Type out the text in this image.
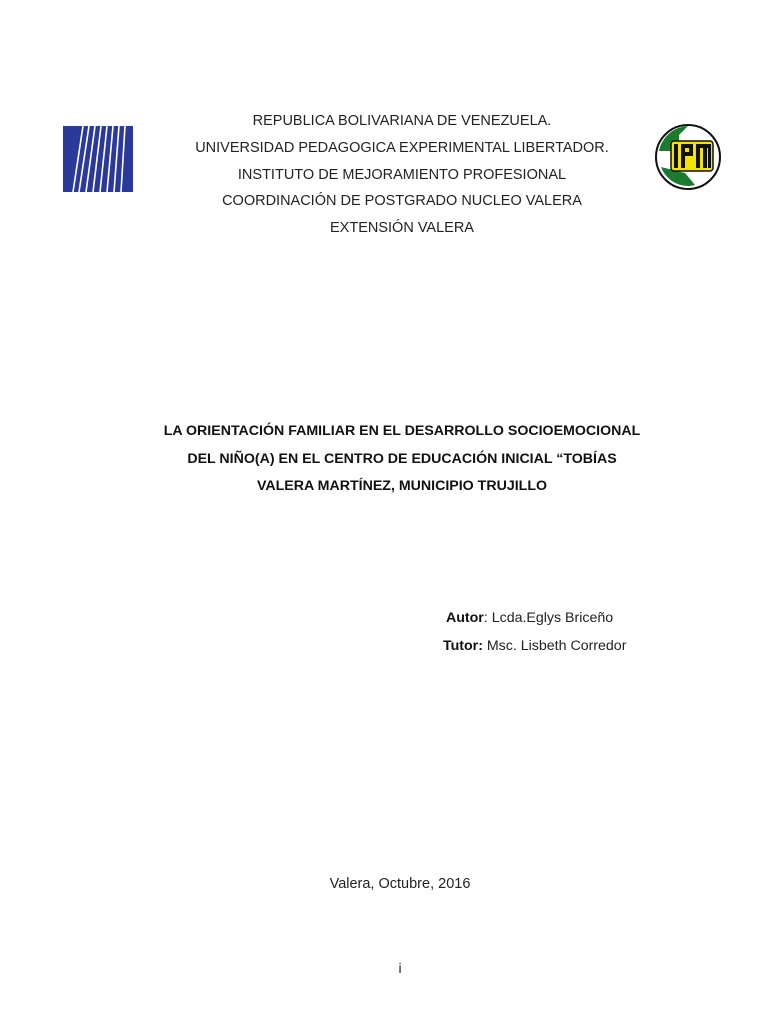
REPUBLICA BOLIVARIANA DE VENEZUELA.
UNIVERSIDAD PEDAGOGICA EXPERIMENTAL LIBERTADOR.
INSTITUTO DE MEJORAMIENTO PROFESIONAL
COORDINACIÓN DE POSTGRADO NUCLEO VALERA
EXTENSIÓN VALERA
LA ORIENTACIÓN FAMILIAR EN EL DESARROLLO SOCIOEMOCIONAL
DEL NIÑO(A) EN EL CENTRO DE EDUCACIÓN INICIAL “TOBÍAS
VALERA MARTÍNEZ, MUNICIPIO TRUJILLO
Autor: Lcda.Eglys Briceño
Tutor: Msc. Lisbeth Corredor
Valera, Octubre, 2016
i
